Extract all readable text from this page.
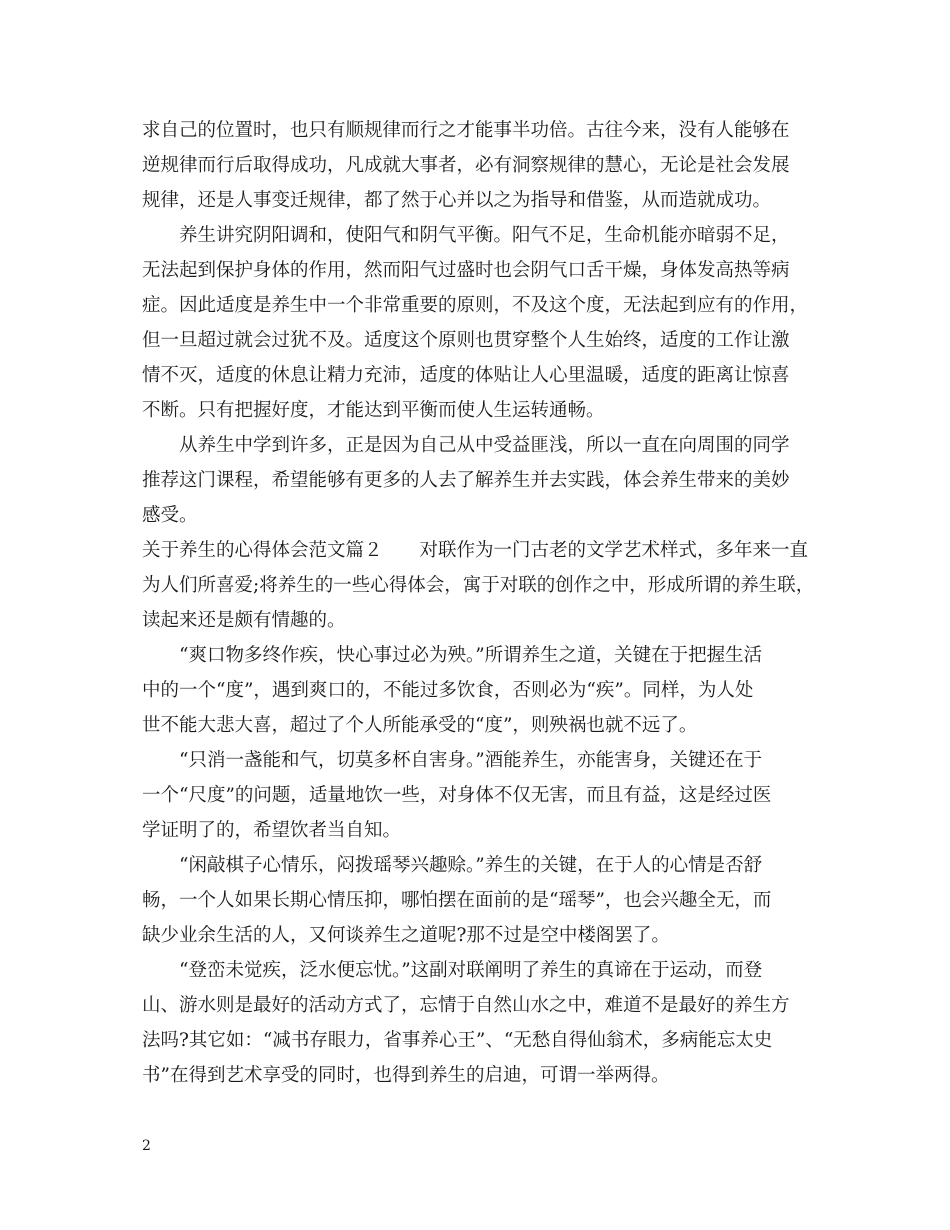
求自己的位置时，也只有顺规律而行之才能事半功倍。古往今来，没有人能够在
逆规律而行后取得成功，凡成就大事者，必有洞察规律的慧心，无论是社会发展
规律，还是人事变迁规律，都了然于心并以之为指导和借鉴，从而造就成功。
养生讲究阴阳调和，使阳气和阴气平衡。阳气不足，生命机能亦暗弱不足，
无法起到保护身体的作用，然而阳气过盛时也会阴气口舌干燥，身体发高热等病
症。因此适度是养生中一个非常重要的原则，不及这个度，无法起到应有的作用，
但一旦超过就会过犹不及。适度这个原则也贯穿整个人生始终，适度的工作让激
情不灭，适度的休息让精力充沛，适度的体贴让人心里温暖，适度的距离让惊喜
不断。只有把握好度，才能达到平衡而使人生运转通畅。
从养生中学到许多，正是因为自己从中受益匪浅，所以一直在向周围的同学
推荐这门课程，希望能够有更多的人去了解养生并去实践，体会养生带来的美妙
感受。
关于养生的心得体会范文篇２　　对联作为一门古老的文学艺术样式，多年来一直
为人们所喜爱;将养生的一些心得体会，寓于对联的创作之中，形成所谓的养生联，
读起来还是颇有情趣的。
“爽口物多终作疾，快心事过必为殃。”所谓养生之道，关键在于把握生活
中的一个“度”，遇到爽口的，不能过多饮食，否则必为“疾”。同样，为人处
世不能大悲大喜，超过了个人所能承受的“度”，则殃祸也就不远了。
“只消一盏能和气，切莫多杯自害身。”酒能养生，亦能害身，关键还在于
一个“尺度”的问题，适量地饮一些，对身体不仅无害，而且有益，这是经过医
学证明了的，希望饮者当自知。
“闲敲棋子心情乐，闷拨瑶琴兴趣赊。”养生的关键，在于人的心情是否舒
畅，一个人如果长期心情压抑，哪怕摆在面前的是“瑶琴”，也会兴趣全无，而
缺少业余生活的人，又何谈养生之道呢?那不过是空中楼阁罢了。
“登峦未觉疾，泛水便忘忧。”这副对联阐明了养生的真谛在于运动，而登
山、游水则是最好的活动方式了，忘情于自然山水之中，难道不是最好的养生方
法吗?其它如：“减书存眼力，省事养心王”、“无愁自得仙翁术，多病能忘太史
书”在得到艺术享受的同时，也得到养生的启迪，可谓一举两得。
2
